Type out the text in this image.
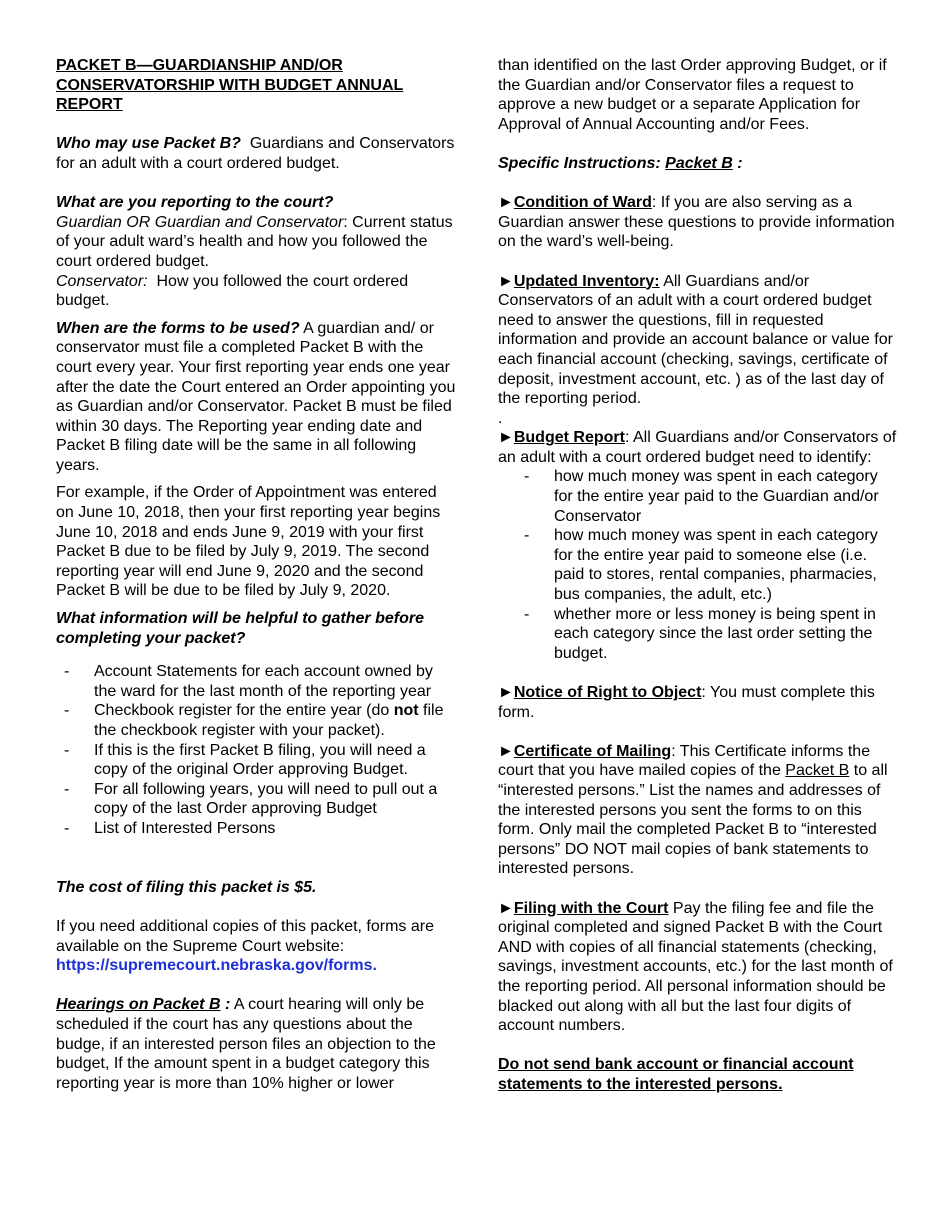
PACKET B—GUARDIANSHIP AND/OR CONSERVATORSHIP WITH BUDGET ANNUAL REPORT

Who may use Packet B? Guardians and Conservators for an adult with a court ordered budget.

What are you reporting to the court?

Guardian OR Guardian and Conservator: Current status of your adult ward’s health and how you followed the court ordered budget.

Conservator: How you followed the court ordered budget.

When are the forms to be used? A guardian and/ or conservator must file a completed Packet B with the court every year. Your first reporting year ends one year after the date the Court entered an Order appointing you as Guardian and/or Conservator. Packet B must be filed within 30 days. The Reporting year ending date and Packet B filing date will be the same in all following years.

For example, if the Order of Appointment was entered on June 10, 2018, then your first reporting year begins June 10, 2018 and ends June 9, 2019 with your first Packet B due to be filed by July 9, 2019. The second reporting year will end June 9, 2020 and the second Packet B will be due to be filed by July 9, 2020.

What information will be helpful to gather before completing your packet?

- Account Statements for each account owned by the ward for the last month of the reporting year
- Checkbook register for the entire year (do not file the checkbook register with your packet).
- If this is the first Packet B filing, you will need a copy of the original Order approving Budget.
- For all following years, you will need to pull out a copy of the last Order approving Budget
- List of Interested Persons

The cost of filing this packet is $5.

If you need additional copies of this packet, forms are available on the Supreme Court website:

https://supremecourt.nebraska.gov/forms.

Hearings on Packet B : A court hearing will only be scheduled if the court has any questions about the budge, if an interested person files an objection to the budget, If the amount spent in a budget category this reporting year is more than 10% higher or lower

than identified on the last Order approving Budget, or if the Guardian and/or Conservator files a request to approve a new budget or a separate Application for Approval of Annual Accounting and/or Fees.

Specific Instructions: Packet B :

►Condition of Ward: If you are also serving as a Guardian answer these questions to provide information on the ward’s well-being.

►Updated Inventory: All Guardians and/or Conservators of an adult with a court ordered budget need to answer the questions, fill in requested information and provide an account balance or value for each financial account (checking, savings, certificate of deposit, investment account, etc. ) as of the last day of the reporting period.

.

►Budget Report: All Guardians and/or Conservators of an adult with a court ordered budget need to identify:

- how much money was spent in each category for the entire year paid to the Guardian and/or Conservator
- how much money was spent in each category for the entire year paid to someone else (i.e. paid to stores, rental companies, pharmacies, bus companies, the adult, etc.)
- whether more or less money is being spent in each category since the last order setting the budget.

►Notice of Right to Object: You must complete this form.

►Certificate of Mailing: This Certificate informs the court that you have mailed copies of the Packet B to all “interested persons.” List the names and addresses of the interested persons you sent the forms to on this form. Only mail the completed Packet B to “interested persons” DO NOT mail copies of bank statements to interested persons.

►Filing with the Court Pay the filing fee and file the original completed and signed Packet B with the Court AND with copies of all financial statements (checking, savings, investment accounts, etc.) for the last month of the reporting period. All personal information should be blacked out along with all but the last four digits of account numbers.

Do not send bank account or financial account statements to the interested persons.
